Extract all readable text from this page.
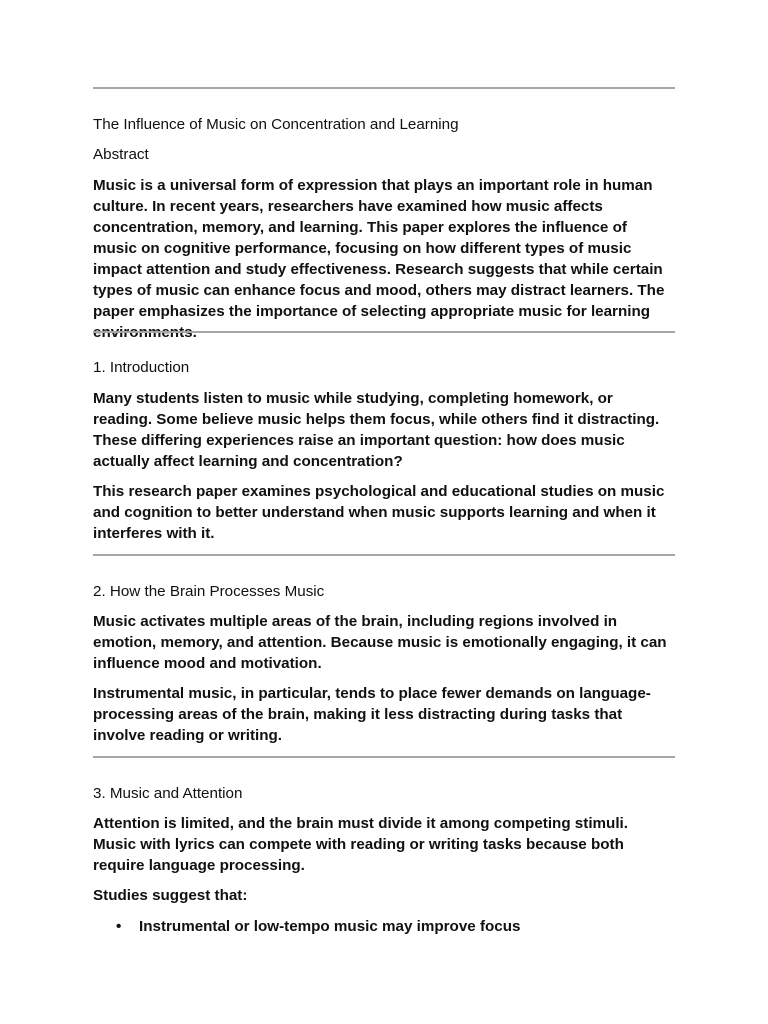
The Influence of Music on Concentration and Learning

Abstract

Music is a universal form of expression that plays an important role in human culture. In recent years, researchers have examined how music affects concentration, memory, and learning. This paper explores the influence of music on cognitive performance, focusing on how different types of music impact attention and study effectiveness. Research suggests that while certain types of music can enhance focus and mood, others may distract learners. The paper emphasizes the importance of selecting appropriate music for learning environments.

1. Introduction

Many students listen to music while studying, completing homework, or reading. Some believe music helps them focus, while others find it distracting. These differing experiences raise an important question: how does music actually affect learning and concentration?

This research paper examines psychological and educational studies on music and cognition to better understand when music supports learning and when it interferes with it.

2. How the Brain Processes Music

Music activates multiple areas of the brain, including regions involved in emotion, memory, and attention. Because music is emotionally engaging, it can influence mood and motivation.

Instrumental music, in particular, tends to place fewer demands on language-processing areas of the brain, making it less distracting during tasks that involve reading or writing.

3. Music and Attention

Attention is limited, and the brain must divide it among competing stimuli. Music with lyrics can compete with reading or writing tasks because both require language processing.

Studies suggest that:

• Instrumental or low-tempo music may improve focus
